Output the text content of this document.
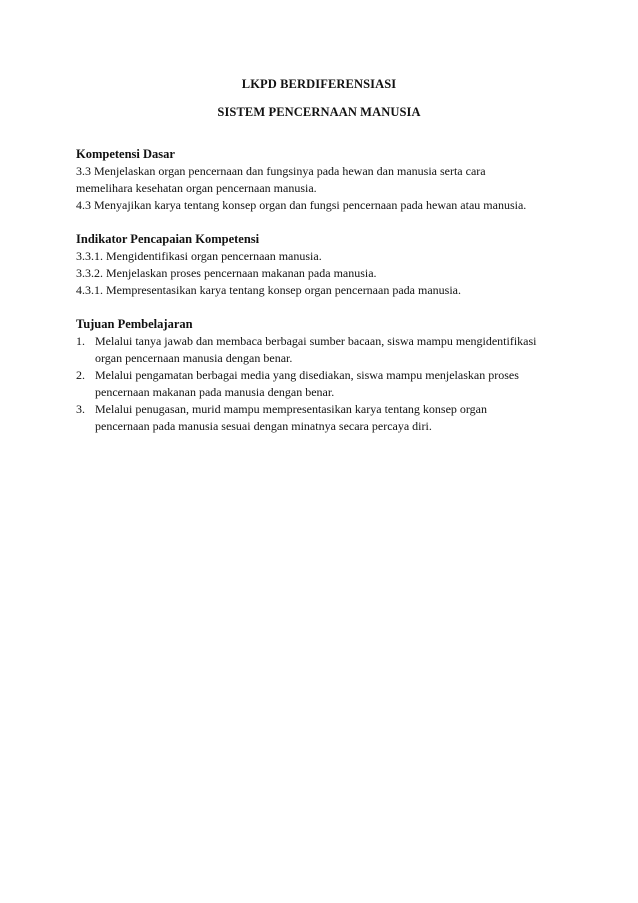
LKPD BERDIFERENSIASI
SISTEM PENCERNAAN MANUSIA

Kompetensi Dasar

3.3 Menjelaskan organ pencernaan dan fungsinya pada hewan dan manusia serta cara

memelihara kesehatan organ pencernaan manusia.

4.3 Menyajikan karya tentang konsep organ dan fungsi pencernaan pada hewan atau manusia.

Indikator Pencapaian Kompetensi

3.3.1. Mengidentifikasi organ pencernaan manusia.

3.3.2. Menjelaskan proses pencernaan makanan pada manusia.

4.3.1. Mempresentasikan karya tentang konsep organ pencernaan pada manusia.

Tujuan Pembelajaran

1. Melalui tanya jawab dan membaca berbagai sumber bacaan, siswa mampu mengidentifikasi
organ pencernaan manusia dengan benar.
2. Melalui pengamatan berbagai media yang disediakan, siswa mampu menjelaskan proses
pencernaan makanan pada manusia dengan benar.
3. Melalui penugasan, murid mampu mempresentasikan karya tentang konsep organ
pencernaan pada manusia sesuai dengan minatnya secara percaya diri.
